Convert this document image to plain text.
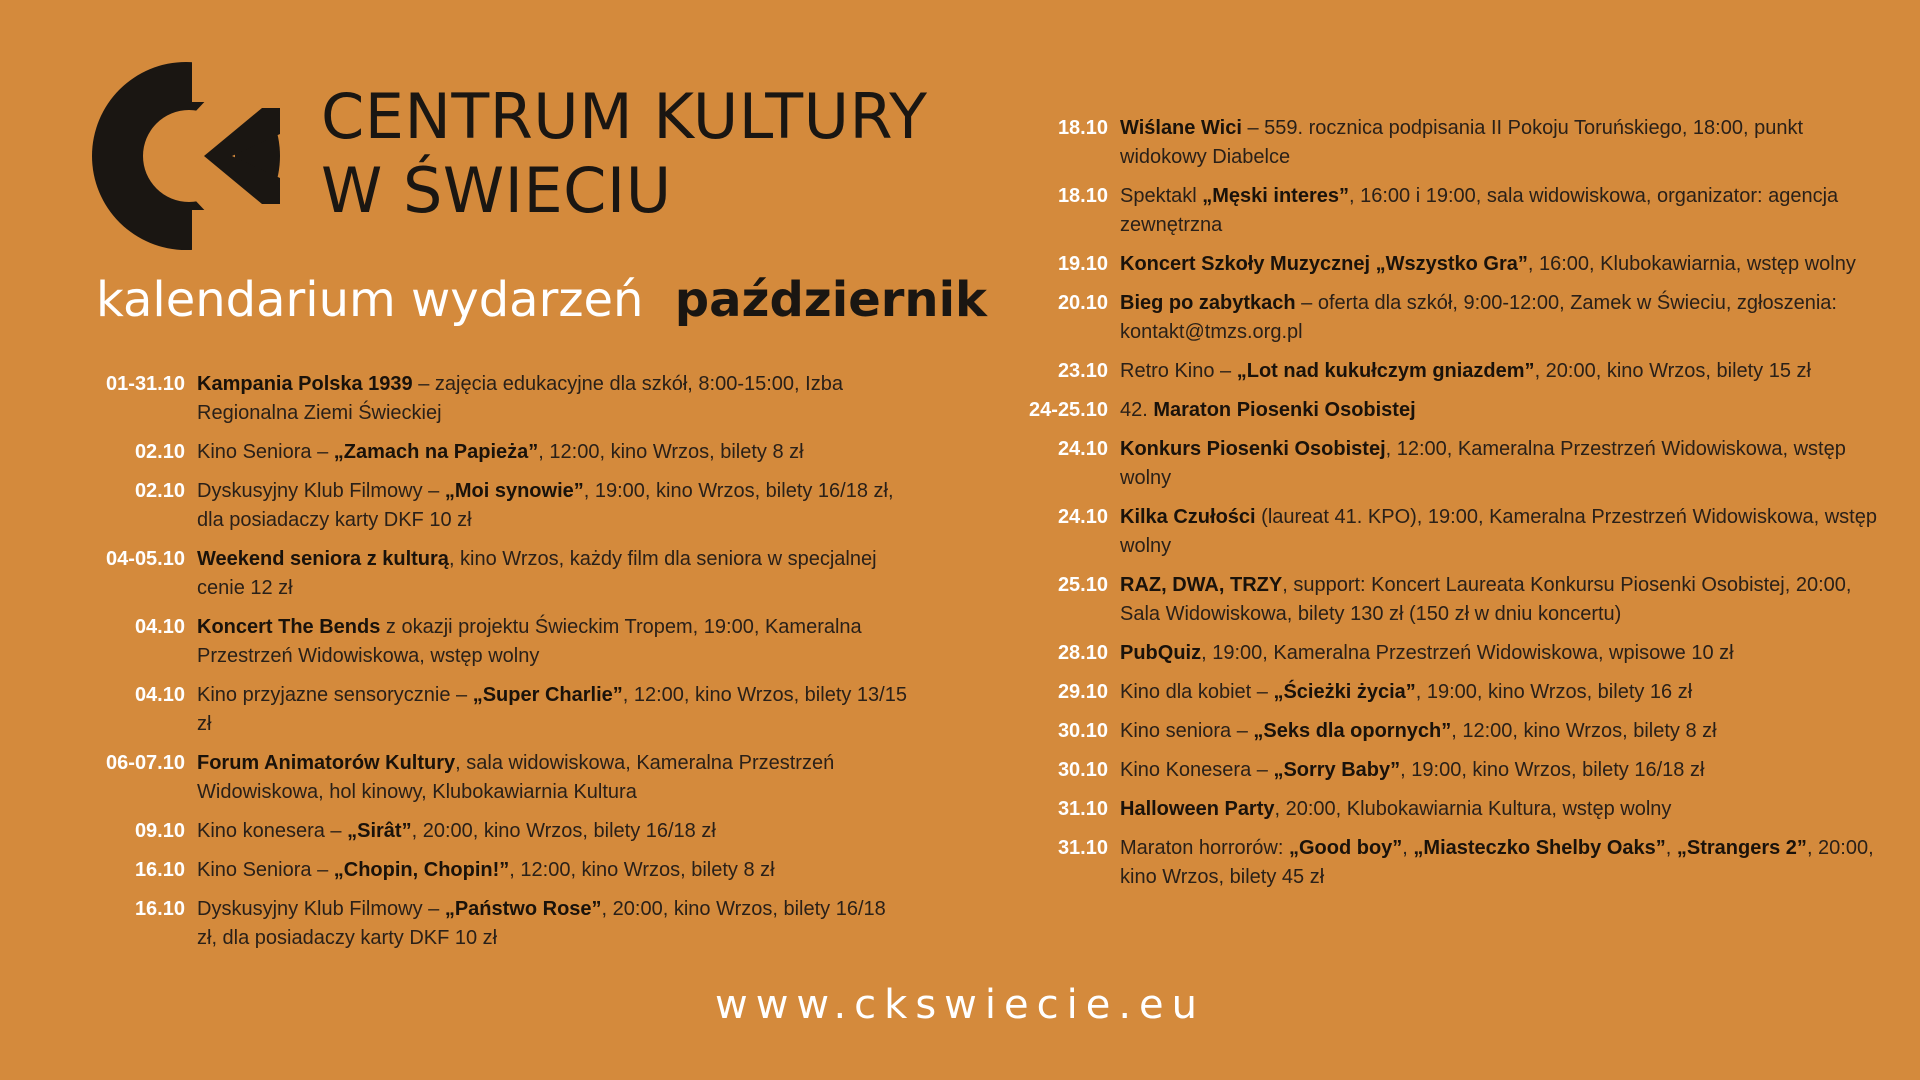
CENTRUM KULTURY
W ŚWIECIU
kalendarium wydarzeń październik
01-31.10 Kampania Polska 1939 – zajęcia edukacyjne dla szkół, 8:00-15:00, Izba Regionalna Ziemi Świeckiej
02.10 Kino Seniora – „Zamach na Papieża”, 12:00, kino Wrzos, bilety 8 zł
02.10 Dyskusyjny Klub Filmowy – „Moi synowie”, 19:00, kino Wrzos, bilety 16/18 zł, dla posiadaczy karty DKF 10 zł
04-05.10 Weekend seniora z kulturą, kino Wrzos, każdy film dla seniora w specjalnej cenie 12 zł
04.10 Koncert The Bends z okazji projektu Świeckim Tropem, 19:00, Kameralna Przestrzeń Widowiskowa, wstęp wolny
04.10 Kino przyjazne sensorycznie – „Super Charlie”, 12:00, kino Wrzos, bilety 13/15 zł
06-07.10 Forum Animatorów Kultury, sala widowiskowa, Kameralna Przestrzeń Widowiskowa, hol kinowy, Klubokawiarnia Kultura
09.10 Kino konesera – „Sirât”, 20:00, kino Wrzos, bilety 16/18 zł
16.10 Kino Seniora – „Chopin, Chopin!”, 12:00, kino Wrzos, bilety 8 zł
16.10 Dyskusyjny Klub Filmowy – „Państwo Rose”, 20:00, kino Wrzos, bilety 16/18 zł, dla posiadaczy karty DKF 10 zł
18.10 Wiślane Wici – 559. rocznica podpisania II Pokoju Toruńskiego, 18:00, punkt widokowy Diabelce
18.10 Spektakl „Męski interes”, 16:00 i 19:00, sala widowiskowa, organizator: agencja zewnętrzna
19.10 Koncert Szkoły Muzycznej „Wszystko Gra”, 16:00, Klubokawiarnia, wstęp wolny
20.10 Bieg po zabytkach – oferta dla szkół, 9:00-12:00, Zamek w Świeciu, zgłoszenia: kontakt@tmzs.org.pl
23.10 Retro Kino – „Lot nad kukułczym gniazdem”, 20:00, kino Wrzos, bilety 15 zł
24-25.10 42. Maraton Piosenki Osobistej
24.10 Konkurs Piosenki Osobistej, 12:00, Kameralna Przestrzeń Widowiskowa, wstęp wolny
24.10 Kilka Czułości (laureat 41. KPO), 19:00, Kameralna Przestrzeń Widowiskowa, wstęp wolny
25.10 RAZ, DWA, TRZY, support: Koncert Laureata Konkursu Piosenki Osobistej, 20:00, Sala Widowiskowa, bilety 130 zł (150 zł w dniu koncertu)
28.10 PubQuiz, 19:00, Kameralna Przestrzeń Widowiskowa, wpisowe 10 zł
29.10 Kino dla kobiet – „Ścieżki życia”, 19:00, kino Wrzos, bilety 16 zł
30.10 Kino seniora – „Seks dla opornych”, 12:00, kino Wrzos, bilety 8 zł
30.10 Kino Konesera – „Sorry Baby”, 19:00, kino Wrzos, bilety 16/18 zł
31.10 Halloween Party, 20:00, Klubokawiarnia Kultura, wstęp wolny
31.10 Maraton horrorów: „Good boy”, „Miasteczko Shelby Oaks”, „Strangers 2”, 20:00, kino Wrzos, bilety 45 zł
www.ckswiecie.eu
